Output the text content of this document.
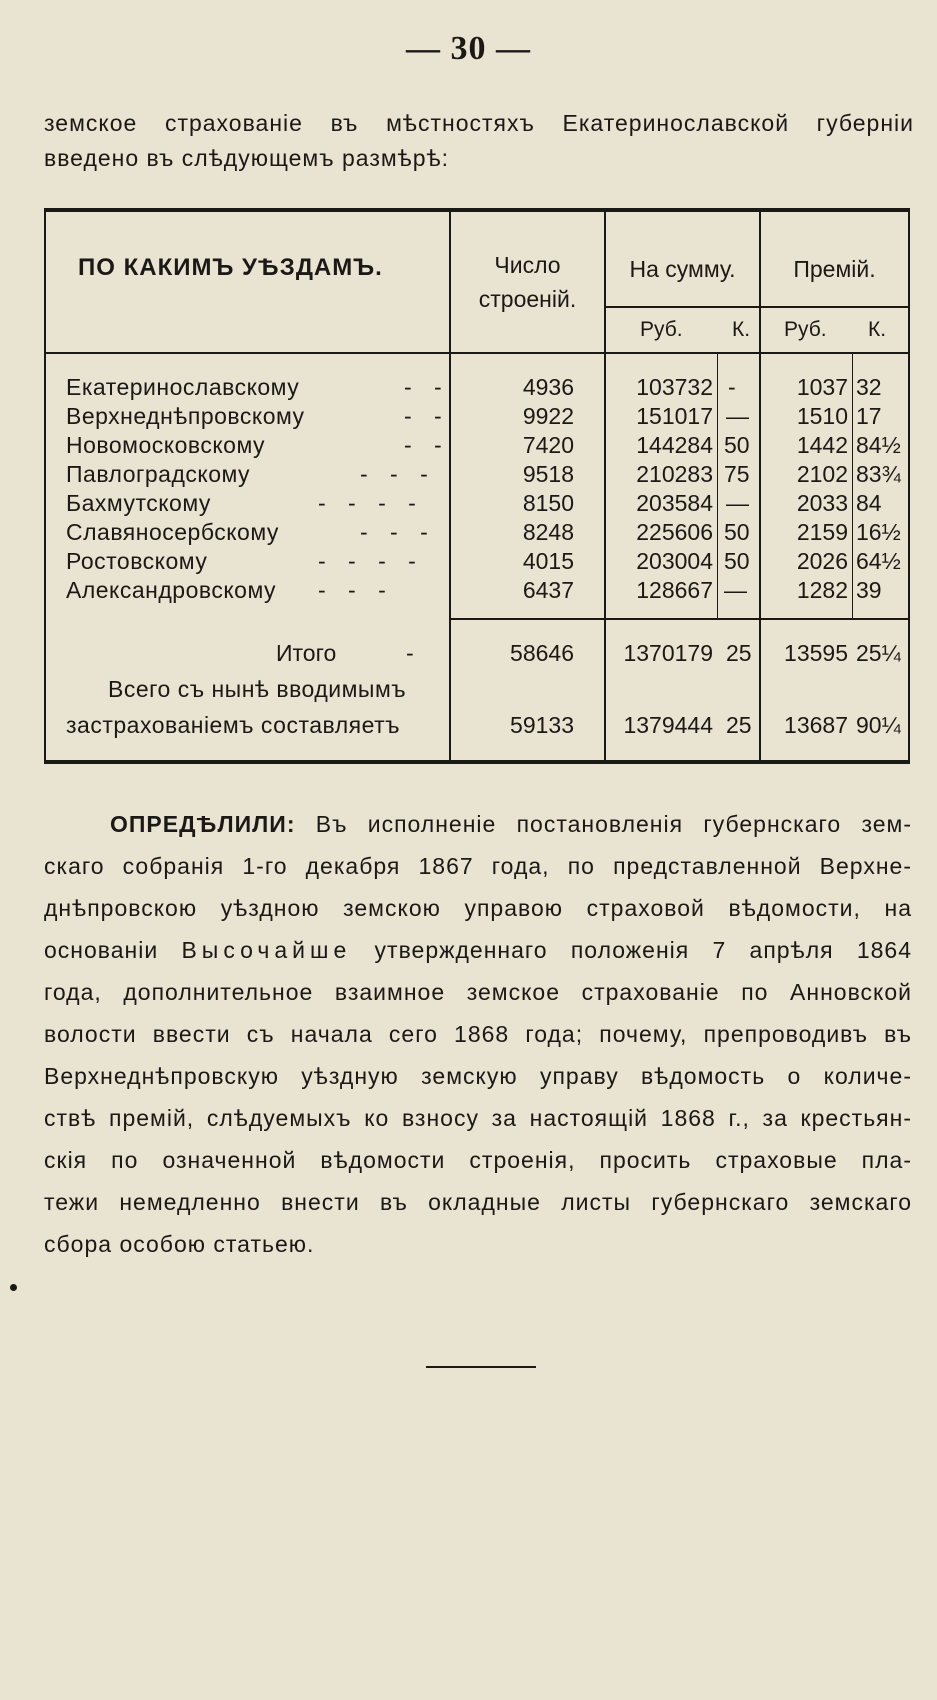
— 30 —
земское страхованіе въ мѣстностяхъ Екатеринославской губерніи
введено въ слѣдующемъ размѣрѣ:
ПО КАКИМЪ УѢЗДАМЪ.	Число
строеній.
На сумму.	Премій.
Руб. К. Руб. К.
Екатеринославскому	- -	4936	103732 -	1037 32
Верхнеднѣпровскому	- -	9922	151017 —	1510 17
Новомосковскому	- -	7420	144284 50	1442 84½
Павлоградскому	- - -	9518	210283 75	2102 83¾
Бахмутскому	- - - -	8150	203584 —	2033 84
Славяносербскому	- - -	8248	225606 50	2159 16½
Ростовскому	- - - -	4015	203004 50	2026 64½
Александровскому - - -	6437	128667 —	1282 39
Итого	-	58646	1370179 25	13595 25¼
Всего съ нынѣ вводимымъ
застрахованіемъ составляетъ	59133	1379444 25	13687 90¼
ОПРЕДѢЛИЛИ: Въ исполненіе постановленія губернскаго зем-
скаго собранія 1-го декабря 1867 года, по представленной Верхне-
днѣпровскою уѣздною земскою управою страховой вѣдомости, на
основаніи Высочайше утвержденнаго положенія 7 апрѣля 1864
года, дополнительное взаимное земское страхованіе по Анновской
волости ввести съ начала сего 1868 года; почему, препроводивъ въ
Верхнеднѣпровскую уѣздную земскую управу вѣдомость о количе-
ствѣ премій, слѣдуемыхъ ко взносу за настоящій 1868 г., за крестьян-
скія по означенной вѣдомости строенія, просить страховые пла-
тежи немедленно внести въ окладные листы губернскаго земскаго
сбора особою статьею.
